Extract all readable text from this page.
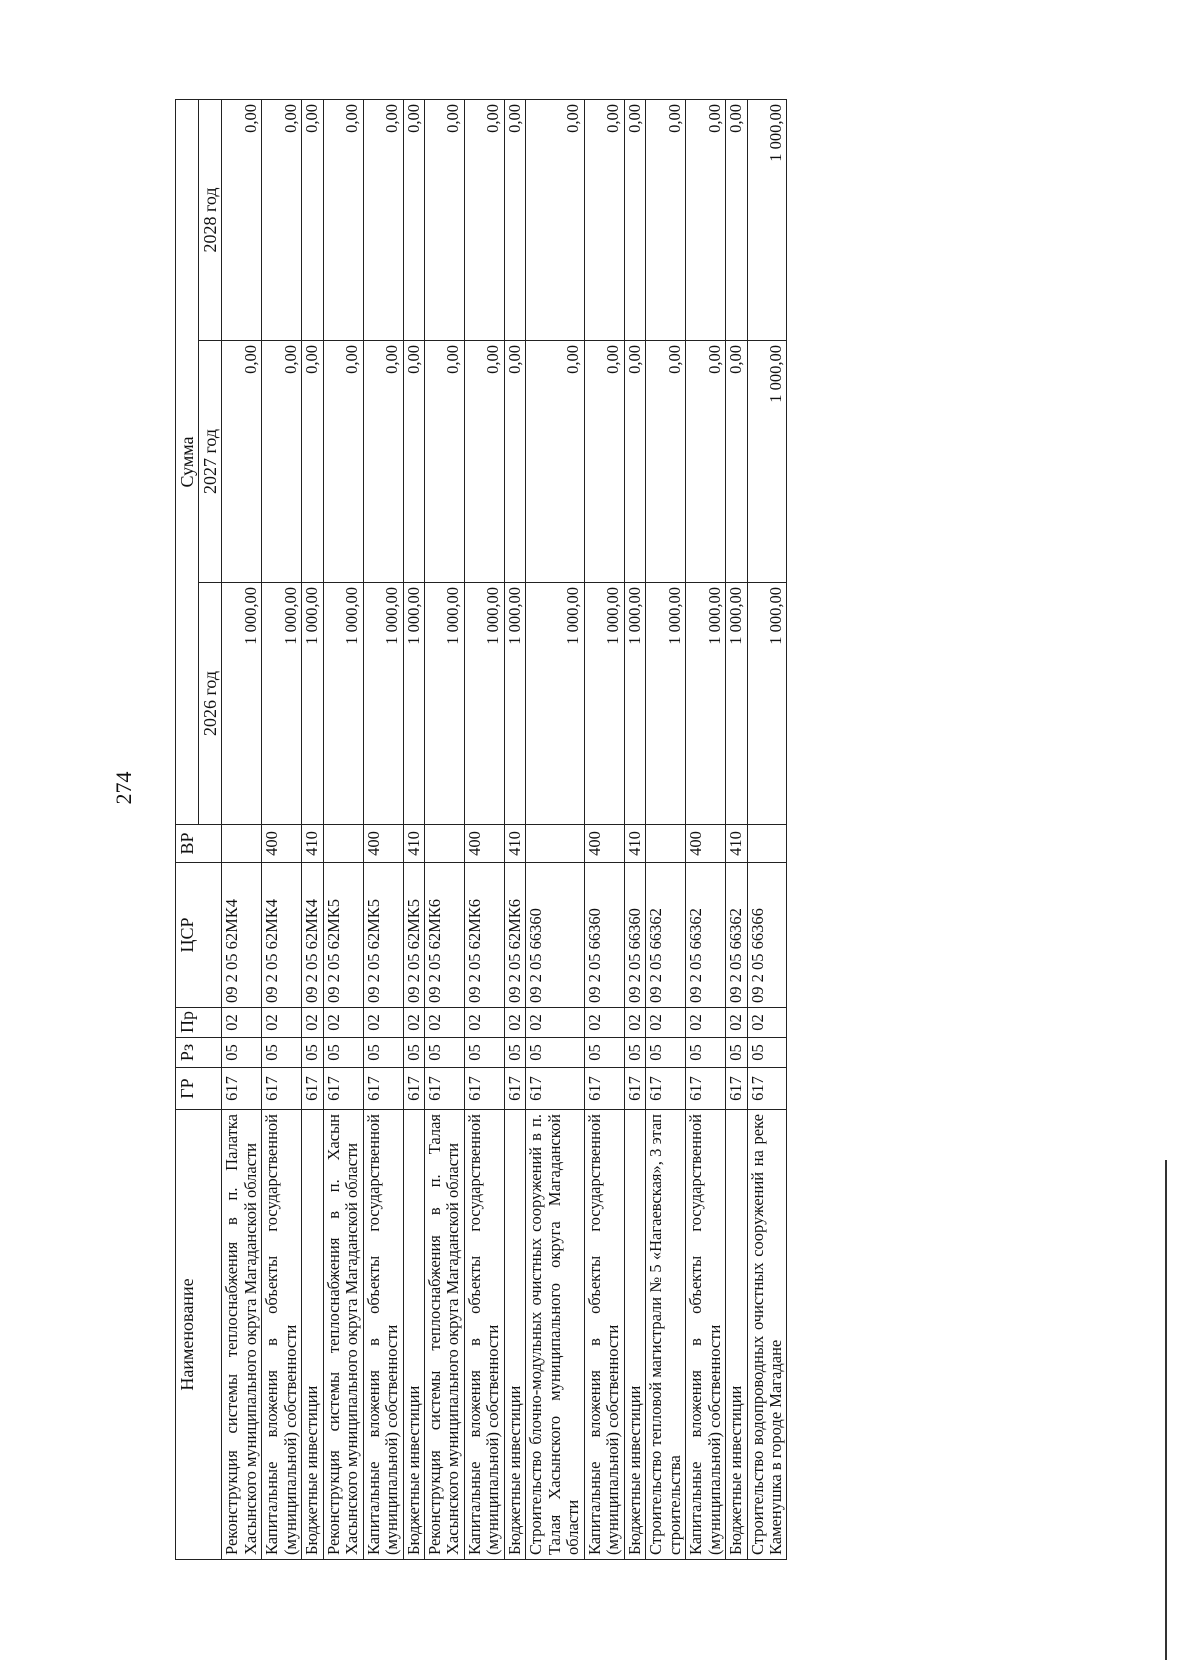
274
Наименование	ГР	Рз	Пр	ЦСР	ВР	Сумма		
						2026 год	2027 год	2028 год
Реконструкция системы теплоснабжения в п. Палатка Хасынского муниципального округа Магаданской области	617	05	02	09 2 05 62МК4		1 000,00	0,00	0,00
Капитальные вложения в объекты государственной (муниципальной) собственности	617	05	02	09 2 05 62МК4	400	1 000,00	0,00	0,00
Бюджетные инвестиции	617	05	02	09 2 05 62МК4	410	1 000,00	0,00	0,00
Реконструкция системы теплоснабжения в п. Хасын Хасынского муниципального округа Магаданской области	617	05	02	09 2 05 62МК5		1 000,00	0,00	0,00
Капитальные вложения в объекты государственной (муниципальной) собственности	617	05	02	09 2 05 62МК5	400	1 000,00	0,00	0,00
Бюджетные инвестиции	617	05	02	09 2 05 62МК5	410	1 000,00	0,00	0,00
Реконструкция системы теплоснабжения в п. Талая Хасынского муниципального округа Магаданской области	617	05	02	09 2 05 62МК6		1 000,00	0,00	0,00
Капитальные вложения в объекты государственной (муниципальной) собственности	617	05	02	09 2 05 62МК6	400	1 000,00	0,00	0,00
Бюджетные инвестиции	617	05	02	09 2 05 62МК6	410	1 000,00	0,00	0,00
Строительство блочно-модульных очистных сооружений в п. Талая Хасынского муниципального округа Магаданской области	617	05	02	09 2 05 66360		1 000,00	0,00	0,00
Капитальные вложения в объекты государственной (муниципальной) собственности	617	05	02	09 2 05 66360	400	1 000,00	0,00	0,00
Бюджетные инвестиции	617	05	02	09 2 05 66360	410	1 000,00	0,00	0,00
Строительство тепловой магистрали № 5 «Нагаевская», 3 этап строительства	617	05	02	09 2 05 66362		1 000,00	0,00	0,00
Капитальные вложения в объекты государственной (муниципальной) собственности	617	05	02	09 2 05 66362	400	1 000,00	0,00	0,00
Бюджетные инвестиции	617	05	02	09 2 05 66362	410	1 000,00	0,00	0,00
Строительство водопроводных очистных сооружений на реке Каменушка в городе Магадане	617	05	02	09 2 05 66366		1 000,00	1 000,00	1 000,00
